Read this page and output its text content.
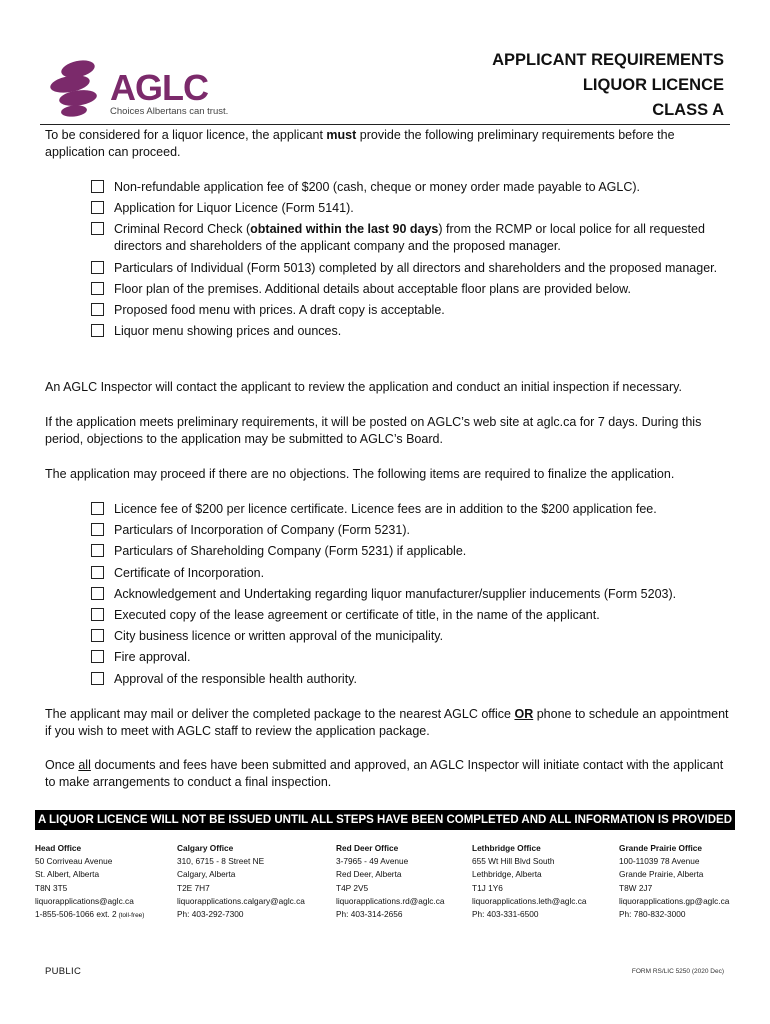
AGLC
Choices Albertans can trust.
APPLICANT REQUIREMENTS
LIQUOR LICENCE
CLASS A
To be considered for a liquor licence, the applicant must provide the following preliminary requirements before the application can proceed.
Non-refundable application fee of $200 (cash, cheque or money order made payable to AGLC).
Application for Liquor Licence (Form 5141).
Criminal Record Check (obtained within the last 90 days) from the RCMP or local police for all requested directors and shareholders of the applicant company and the proposed manager.
Particulars of Individual (Form 5013) completed by all directors and shareholders and the proposed manager.
Floor plan of the premises. Additional details about acceptable floor plans are provided below.
Proposed food menu with prices. A draft copy is acceptable.
Liquor menu showing prices and ounces.
An AGLC Inspector will contact the applicant to review the application and conduct an initial inspection if necessary.
If the application meets preliminary requirements, it will be posted on AGLC’s web site at aglc.ca for 7 days. During this period, objections to the application may be submitted to AGLC’s Board.
The application may proceed if there are no objections. The following items are required to finalize the application.
Licence fee of $200 per licence certificate. Licence fees are in addition to the $200 application fee.
Particulars of Incorporation of Company (Form 5231).
Particulars of Shareholding Company (Form 5231) if applicable.
Certificate of Incorporation.
Acknowledgement and Undertaking regarding liquor manufacturer/supplier inducements (Form 5203).
Executed copy of the lease agreement or certificate of title, in the name of the applicant.
City business licence or written approval of the municipality.
Fire approval.
Approval of the responsible health authority.
The applicant may mail or deliver the completed package to the nearest AGLC office OR phone to schedule an appointment if you wish to meet with AGLC staff to review the application package.
Once all documents and fees have been submitted and approved, an AGLC Inspector will initiate contact with the applicant to make arrangements to conduct a final inspection.
A LIQUOR LICENCE WILL NOT BE ISSUED UNTIL ALL STEPS HAVE BEEN COMPLETED AND ALL INFORMATION IS PROVIDED
Head Office
50 Corriveau Avenue
St. Albert, Alberta
T8N 3T5
liquorapplications@aglc.ca
1-855-506-1066 ext. 2 (toll-free)
Calgary Office
310, 6715 - 8 Street NE
Calgary, Alberta
T2E 7H7
liquorapplications.calgary@aglc.ca
Ph: 403-292-7300
Red Deer Office
3-7965 - 49 Avenue
Red Deer, Alberta
T4P 2V5
liquorapplications.rd@aglc.ca
Ph: 403-314-2656
Lethbridge Office
655 Wt Hill Blvd South
Lethbridge, Alberta
T1J 1Y6
liquorapplications.leth@aglc.ca
Ph: 403-331-6500
Grande Prairie Office
100-11039 78 Avenue
Grande Prairie, Alberta
T8W 2J7
liquorapplications.gp@aglc.ca
Ph: 780-832-3000
PUBLIC	FORM RS/LIC 5250 (2020 Dec)
